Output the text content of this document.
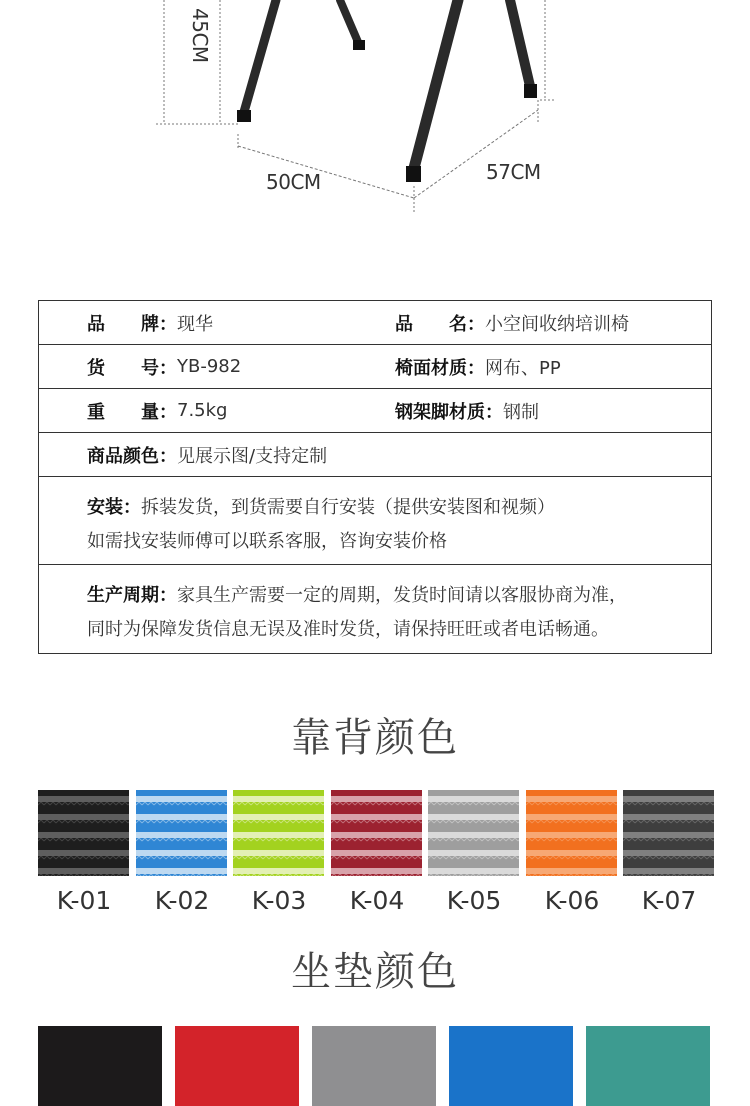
45CM
50CM	57CM
品　　牌： 现华	品　　名： 小空间收纳培训椅
货　　号： YB-982	椅面材质： 网布、PP
重　　量： 7.5kg	钢架脚材质： 钢制
商品颜色： 见展示图/支持定制
安装：拆装发货，到货需要自行安装（提供安装图和视频）
如需找安装师傅可以联系客服，咨询安装价格
生产周期：家具生产需要一定的周期，发货时间请以客服协商为准，
同时为保障发货信息无误及准时发货，请保持旺旺或者电话畅通。
靠背颜色
K-01	K-02	K-03	K-04	K-05	K-06	K-07
坐垫颜色
